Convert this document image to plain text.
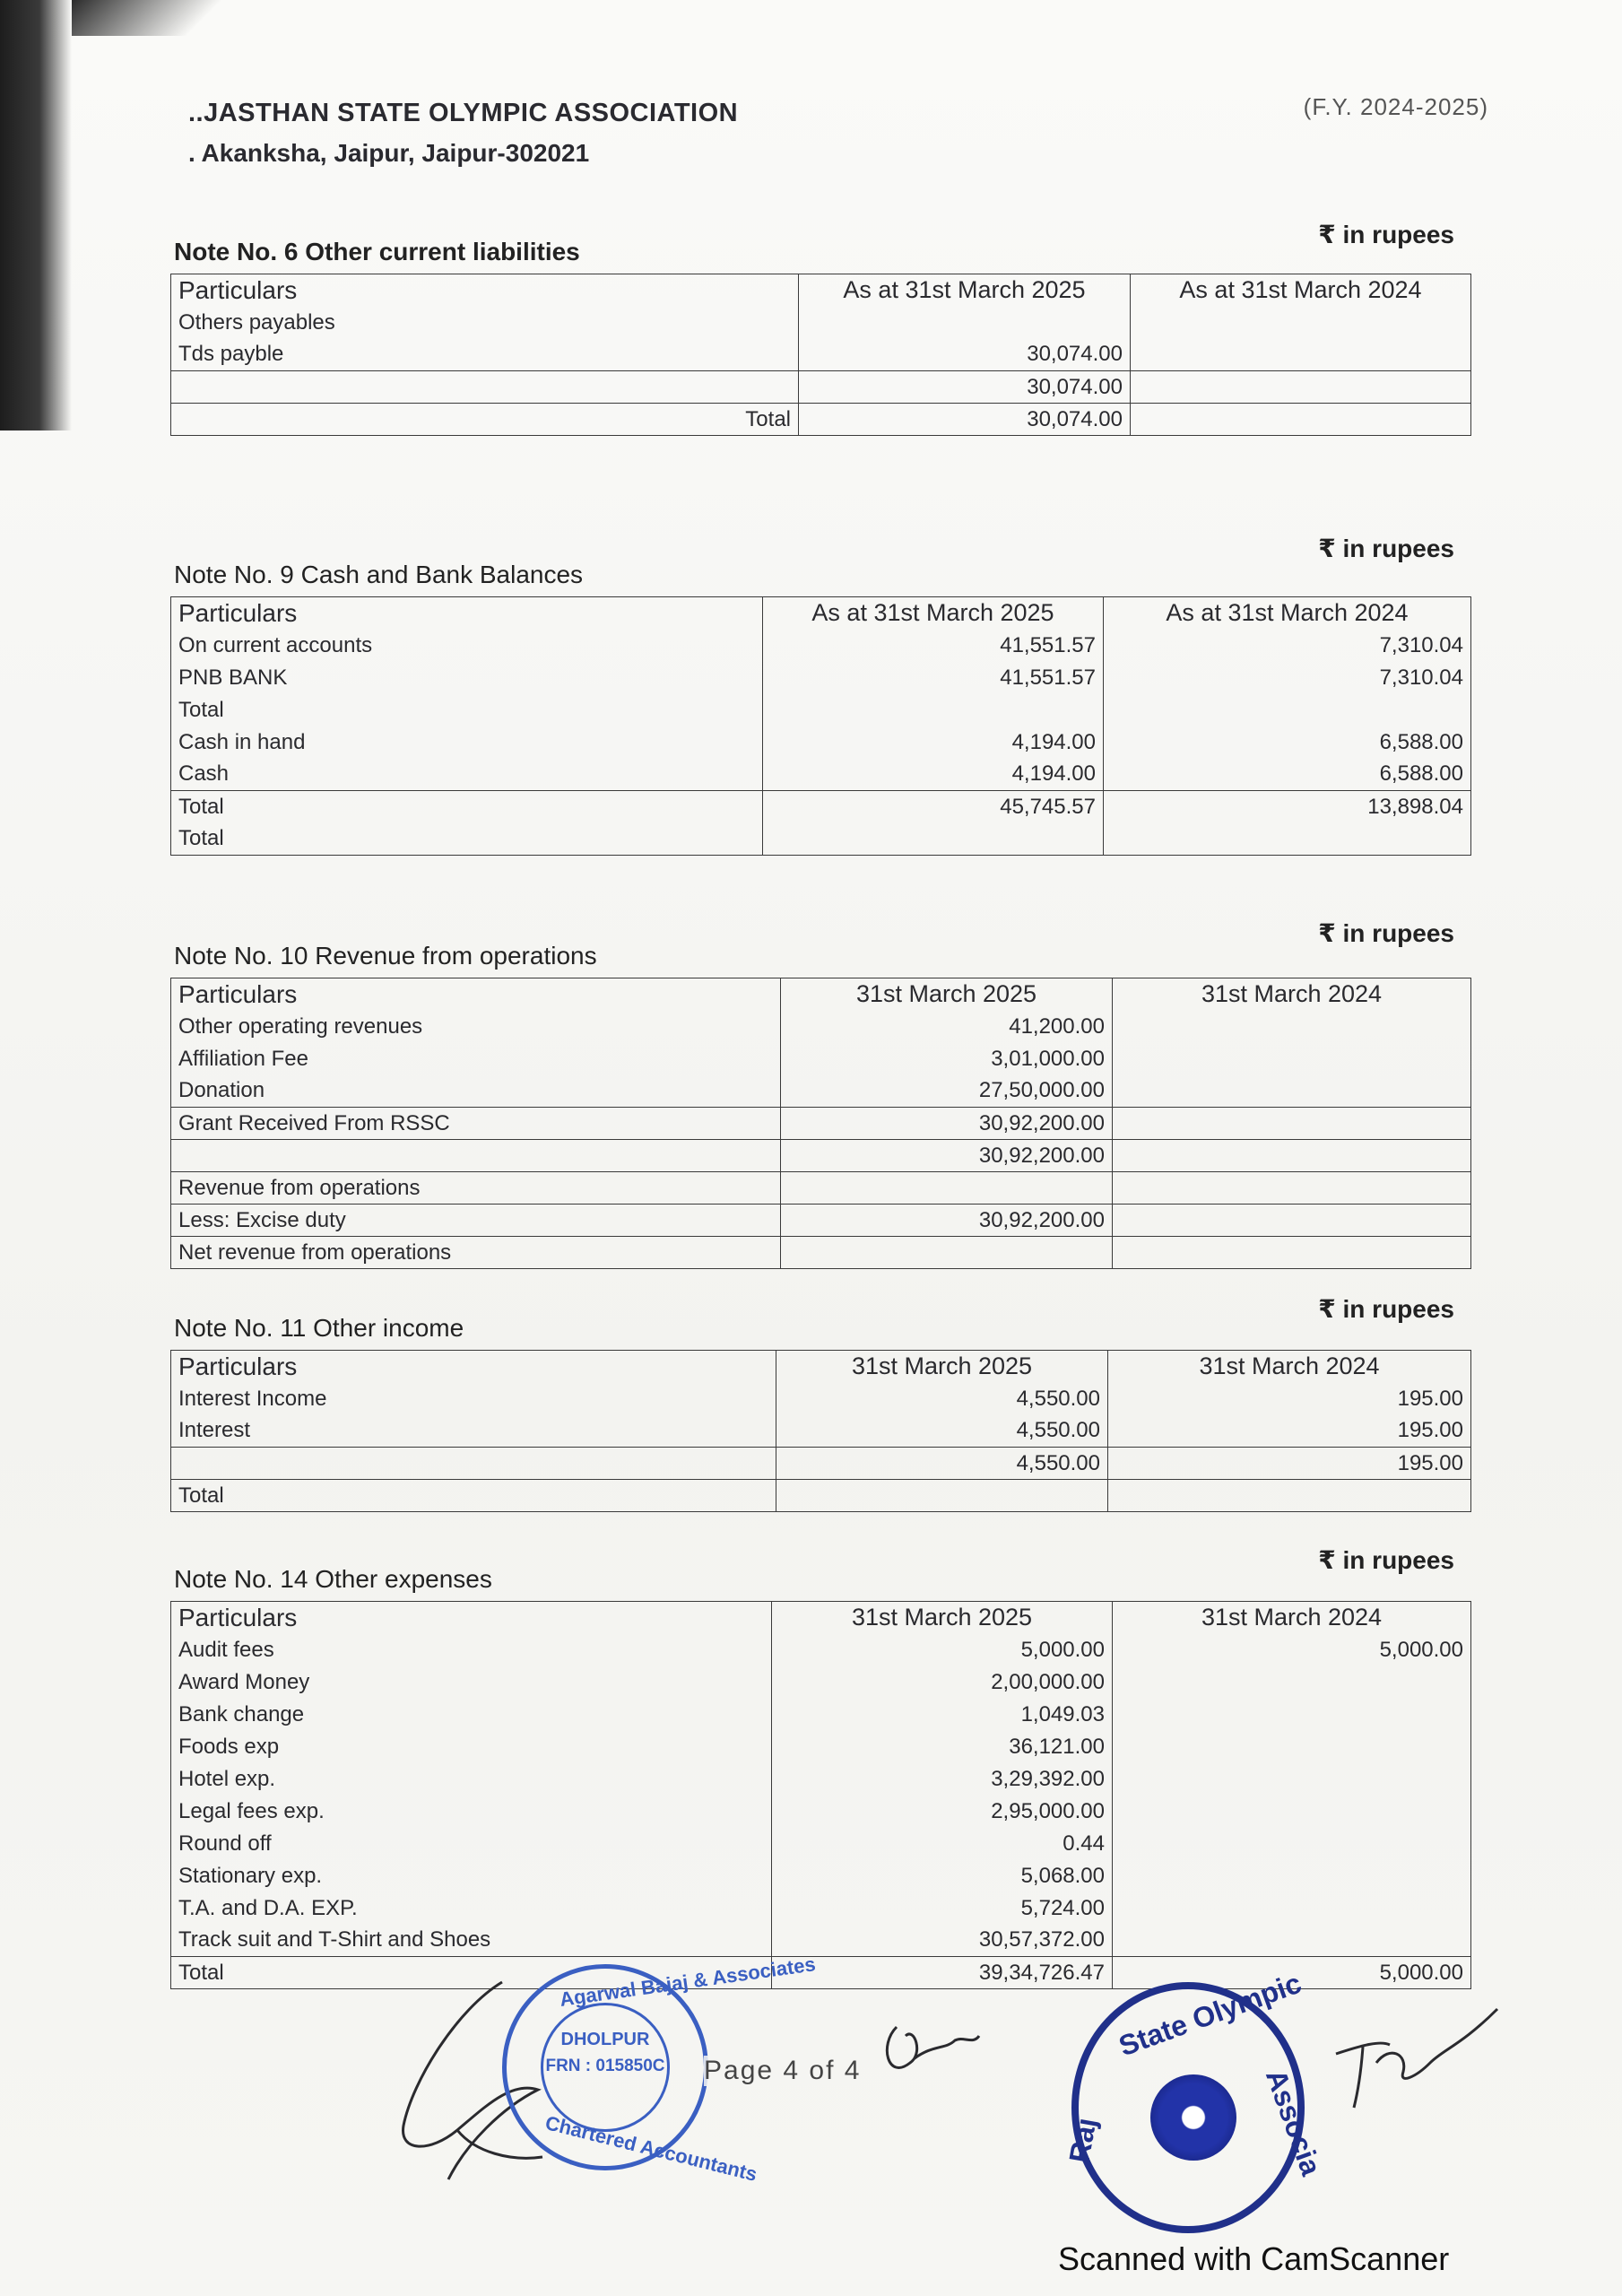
..JASTHAN STATE OLYMPIC ASSOCIATION
. Akanksha, Jaipur, Jaipur-302021
(F.Y. 2024-2025)
Note No. 6 Other current liabilities
₹ in rupees
Particulars	As at 31st March 2025	As at 31st March 2024
Others payables		
Tds payble	30,074.00	
	30,074.00	
Total	30,074.00	
Note No. 9 Cash and Bank Balances
₹ in rupees
Particulars	As at 31st March 2025	As at 31st March 2024
On current accounts	41,551.57	7,310.04
PNB BANK	41,551.57	7,310.04
Total		
Cash in hand	4,194.00	6,588.00
Cash	4,194.00	6,588.00
Total	45,745.57	13,898.04
Total		
Note No. 10 Revenue from operations
₹ in rupees
Particulars	31st March 2025	31st March 2024
Other operating revenues	41,200.00	
Affiliation Fee	3,01,000.00	
Donation	27,50,000.00	
Grant Received From RSSC	30,92,200.00	
	30,92,200.00	
Revenue from operations		
Less: Excise duty	30,92,200.00	
Net revenue from operations		
Note No. 11 Other income
₹ in rupees
Particulars	31st March 2025	31st March 2024
Interest Income	4,550.00	195.00
Interest	4,550.00	195.00
	4,550.00	195.00
Total		
Note No. 14 Other expenses
₹ in rupees
Particulars	31st March 2025	31st March 2024
Audit fees	5,000.00	5,000.00
Award Money	2,00,000.00	
Bank change	1,049.03	
Foods exp	36,121.00	
Hotel exp.	3,29,392.00	
Legal fees exp.	2,95,000.00	
Round off	0.44	
Stationary exp.	5,068.00	
T.A. and D.A. EXP.	5,724.00	
Track suit and T-Shirt and Shoes	30,57,372.00	
Total	39,34,726.47	5,000.00
Agarwal Bajaj & Associates
DHOLPUR
FRN : 015850C
Chartered Accountants
Page 4 of 4
State Olympic
Associa
Raj
Scanned with CamScanner
